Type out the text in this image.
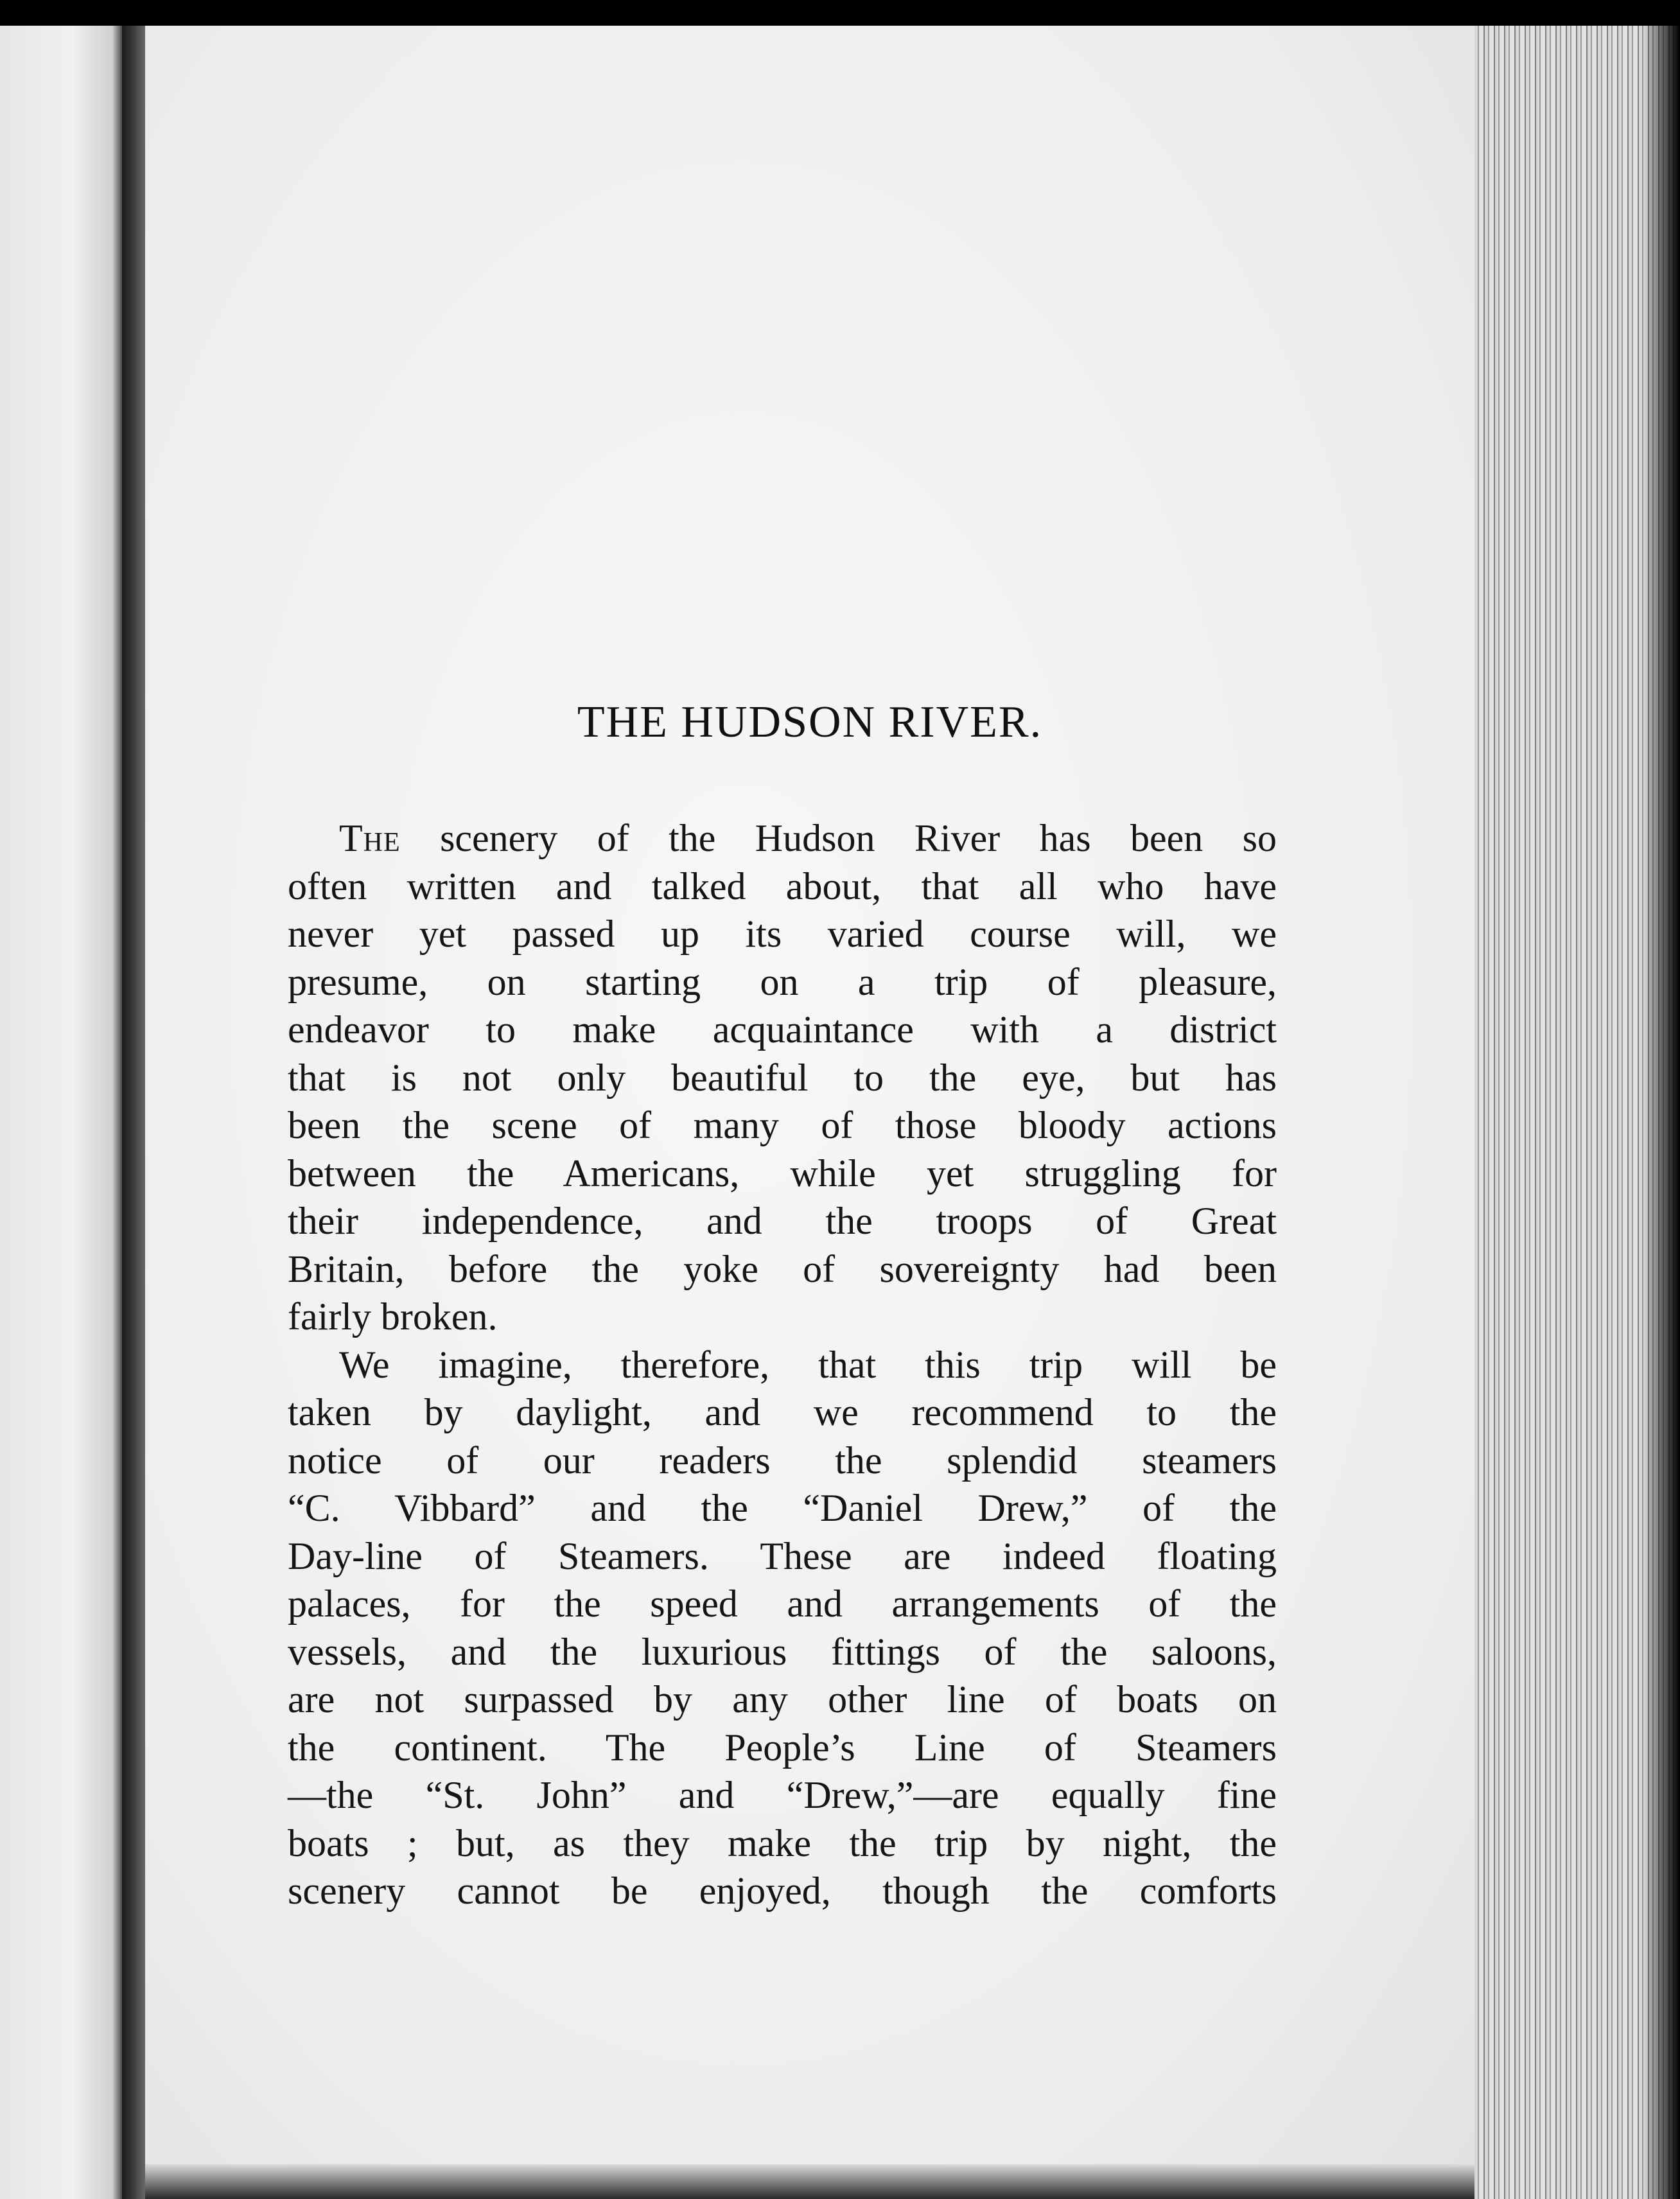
THE HUDSON RIVER.
The scenery of the Hudson River has been so
often written and talked about, that all who have
never yet passed up its varied course will, we
presume, on starting on a trip of pleasure,
endeavor to make acquaintance with a district
that is not only beautiful to the eye, but has
been the scene of many of those bloody actions
between the Americans, while yet struggling for
their independence, and the troops of Great
Britain, before the yoke of sovereignty had been
fairly broken.
We imagine, therefore, that this trip will be
taken by daylight, and we recommend to the
notice of our readers the splendid steamers
“C. Vibbard” and the “Daniel Drew,” of the
Day-line of Steamers. These are indeed floating
palaces, for the speed and arrangements of the
vessels, and the luxurious fittings of the saloons,
are not surpassed by any other line of boats on
the continent. The People’s Line of Steamers
—the “St. John” and “Drew,”—are equally fine
boats ; but, as they make the trip by night, the
scenery cannot be enjoyed, though the comforts
